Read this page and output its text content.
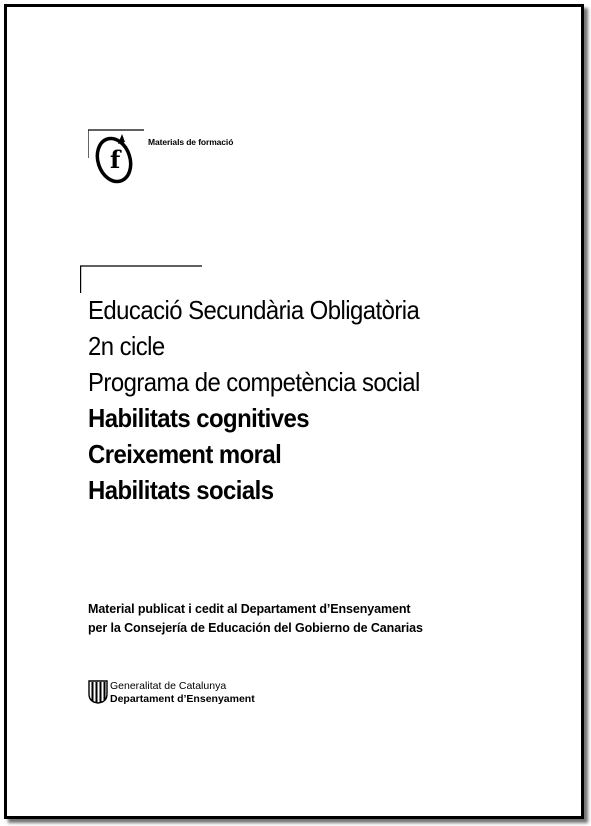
f
Materials de formació
Educació Secundària Obligatòria
2n cicle
Programa de competència social
Habilitats cognitives
Creixement moral
Habilitats socials
Material publicat i cedit al Departament d’Ensenyament
per la Consejería de Educación del Gobierno de Canarias
Generalitat de Catalunya
Departament d’Ensenyament
